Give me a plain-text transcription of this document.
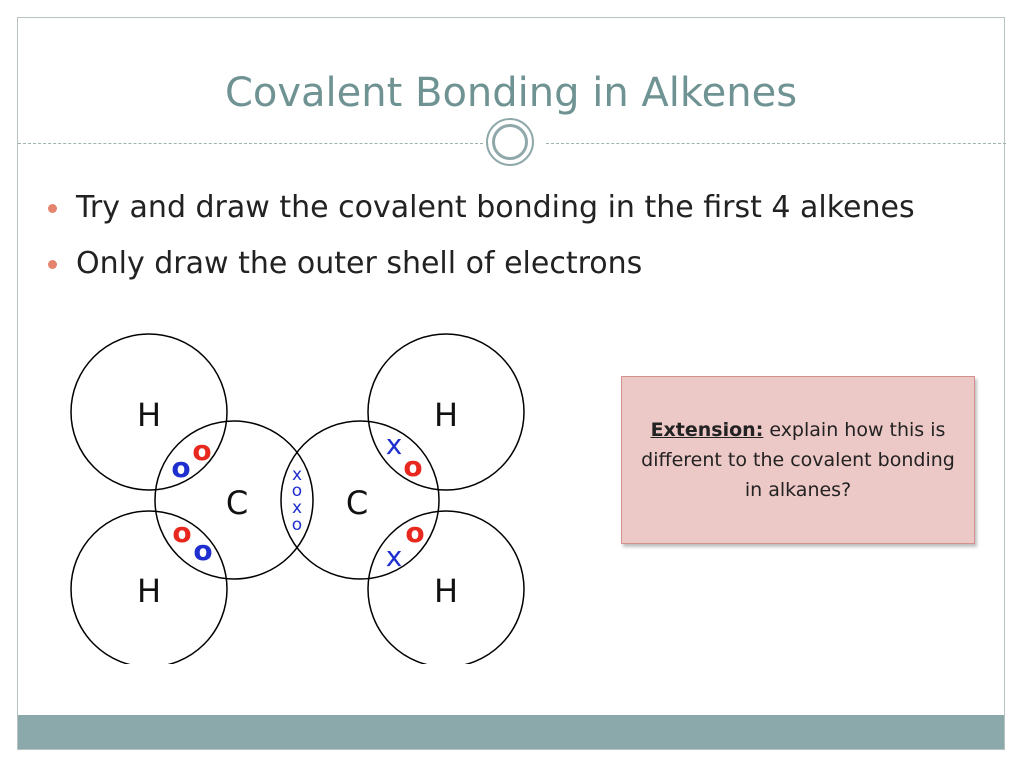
Covalent Bonding in Alkenes
Try and draw the covalent bonding in the first 4 alkenes
Only draw the outer shell of electrons
H	H
C	C
H	H
o
o
o
o
x
o
o
x
x
o
x
o
Extension: explain how this is different to the covalent bonding in alkanes?
